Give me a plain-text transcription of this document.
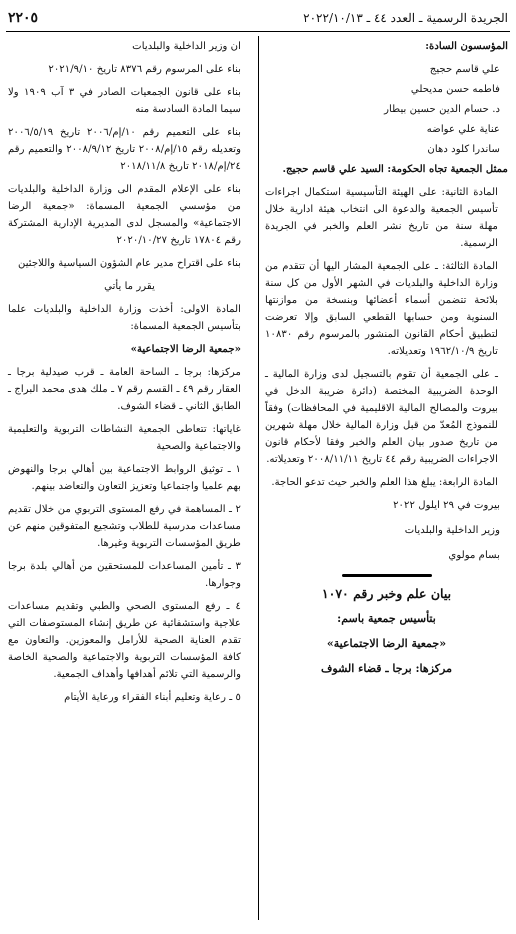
الجريدة الرسمية ـ العدد ٤٤ ـ ٢٠٢٢/١٠/١٣
٢٢٠٥

المؤسسون السادة:

علي قاسم حجيج

فاطمه حسن مديحلي

د. حسام الدين حسين بيطار

عناية علي عواضه

ساندرا كلود دهان

ممثل الجمعية تجاه الحكومة: السيد علي قاسم حجيج.

المادة الثانية: على الهيئة التأسيسية استكمال اجراءات تأسيس الجمعية والدعوة الى انتخاب هيئة ادارية خلال مهلة سنة من تاريخ نشر العلم والخبر في الجريدة الرسمية.

المادة الثالثة: ـ على الجمعية المشار اليها أن تتقدم من وزارة الداخلية والبلديات في الشهر الأول من كل سنة بلائحة تتضمن أسماء أعضائها وبنسخة من موازنتها السنوية ومن حسابها القطعي السابق وإلا تعرضت لتطبيق أحكام القانون المنشور بالمرسوم رقم ١٠٨٣٠ تاريخ ١٩٦٢/١٠/٩ وتعديلاته.

ـ على الجمعية أن تقوم بالتسجيل لدى وزارة المالية ـ الوحدة الضريبية المختصة (دائرة ضريبة الدخل في بيروت والمصالح المالية الاقليمية في المحافظات) وفقاً للنموذج المُعدّ من قبل وزارة المالية خلال مهلة شهرين من تاريخ صدور بيان العلم والخبر وفقا لأحكام قانون الاجراءات الضريبية رقم ٤٤ تاريخ ٢٠٠٨/١١/١١ وتعديلاته.

المادة الرابعة: يبلغ هذا العلم والخبر حيث تدعو الحاجة.

بيروت في ٢٩ ايلول ٢٠٢٢

وزير الداخلية والبلديات

بسام مولوي

بيان علم وخبر رقم ١٠٧٠

بتأسيس جمعية باسم:

«جمعية الرضا الاجتماعية»

مركزها: برجا ـ قضاء الشوف

ان وزير الداخلية والبلديات

بناء على المرسوم رقم ٨٣٧٦ تاريخ ٢٠٢١/٩/١٠

بناء على قانون الجمعيات الصادر في ٣ آب ١٩٠٩ ولا سيما المادة السادسة منه

بناء على التعميم رقم ١٠/إم/٢٠٠٦ تاريخ ٢٠٠٦/٥/١٩ وتعديله رقم ١٥/إم/٢٠٠٨ تاريخ ٢٠٠٨/٩/١٢ والتعميم رقم ٢٤/إم/٢٠١٨ تاريخ ٢٠١٨/١١/٨

بناء على الإعلام المقدم الى وزارة الداخلية والبلديات من مؤسسي الجمعية المسماة: «جمعية الرضا الاجتماعية» والمسجل لدى المديرية الإدارية المشتركة رقم ١٧٨٠٤ تاريخ ٢٠٢٠/١٠/٢٧

بناء على اقتراح مدير عام الشؤون السياسية واللاجئين

يقرر ما يأتي

المادة الاولى: أخذت وزارة الداخلية والبلديات علما بتأسيس الجمعية المسماة:

«جمعية الرضا الاجتماعية»

مركزها: برجا ـ الساحة العامة ـ قرب صيدلية برجا ـ العقار رقم ٤٩ ـ القسم رقم ٧ ـ ملك هدى محمد البراج ـ الطابق الثاني ـ قضاء الشوف.

غاياتها: تتعاطى الجمعية النشاطات التربوية والتعليمية والاجتماعية والصحية

١ ـ توثيق الروابط الاجتماعية بين أهالي برجا والنهوض بهم علميا واجتماعيا وتعزيز التعاون والتعاضد بينهم.

٢ ـ المساهمة في رفع المستوى التربوي من خلال تقديم مساعدات مدرسية للطلاب وتشجيع المتفوقين منهم عن طريق المؤسسات التربوية وغيرها.

٣ ـ تأمين المساعدات للمستحقين من أهالي بلدة برجا وجوارها.

٤ ـ رفع المستوى الصحي والطبي وتقديم مساعدات علاجية واستشفائية عن طريق إنشاء المستوصفات التي تقدم العناية الصحية للأرامل والمعوزين. والتعاون مع كافة المؤسسات التربوية والاجتماعية والصحية الخاصة والرسمية التي تلائم أهدافها وأهداف الجمعية.

٥ ـ رعاية وتعليم أبناء الفقراء ورعاية الأيتام
